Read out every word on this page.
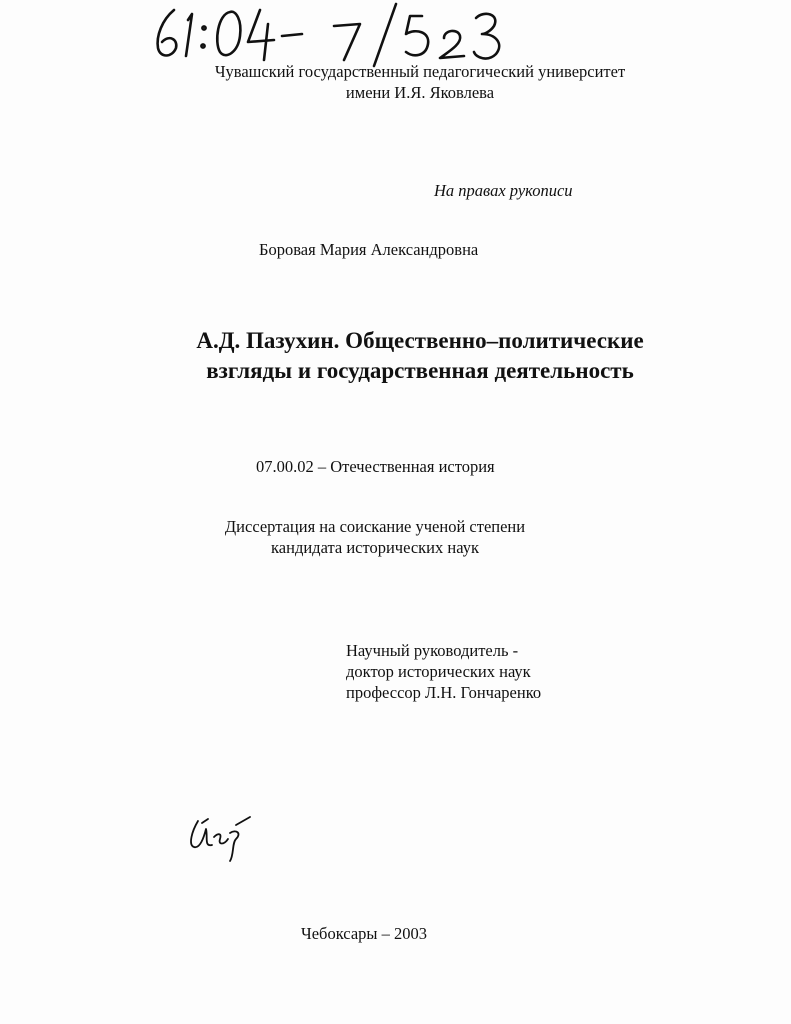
Чувашский государственный педагогический университет
имени И.Я. Яковлева
На правах рукописи
Боровая Мария Александровна
А.Д. Пазухин. Общественно–политические
взгляды и государственная деятельность
07.00.02 – Отечественная история
Диссертация на соискание ученой степени
кандидата исторических наук
Научный руководитель -
доктор исторических наук
профессор Л.Н. Гончаренко
Чебоксары – 2003
